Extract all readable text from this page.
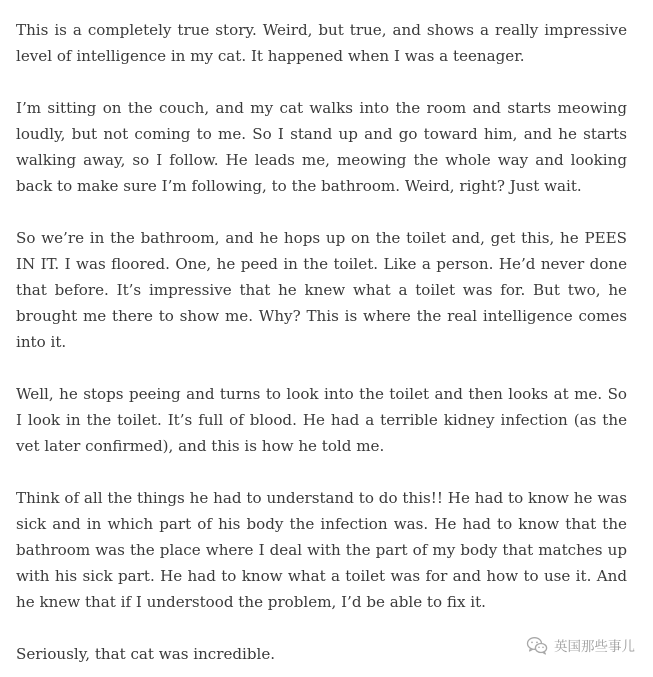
This is a completely true story. Weird, but true, and shows a really impressive level of intelligence in my cat. It happened when I was a teenager.

I’m sitting on the couch, and my cat walks into the room and starts meowing loudly, but not coming to me. So I stand up and go toward him, and he starts walking away, so I follow. He leads me, meowing the whole way and looking back to make sure I’m following, to the bathroom. Weird, right? Just wait.

So we’re in the bathroom, and he hops up on the toilet and, get this, he PEES IN IT. I was floored. One, he peed in the toilet. Like a person. He’d never done that before. It’s impressive that he knew what a toilet was for. But two, he brought me there to show me. Why? This is where the real intelligence comes into it.

Well, he stops peeing and turns to look into the toilet and then looks at me. So I look in the toilet. It’s full of blood. He had a terrible kidney infection (as the vet later confirmed), and this is how he told me.

Think of all the things he had to understand to do this!! He had to know he was sick and in which part of his body the infection was. He had to know that the bathroom was the place where I deal with the part of my body that matches up with his sick part. He had to know what a toilet was for and how to use it. And he knew that if I understood the problem, I’d be able to fix it.

Seriously, that cat was incredible.	英国那些事儿
